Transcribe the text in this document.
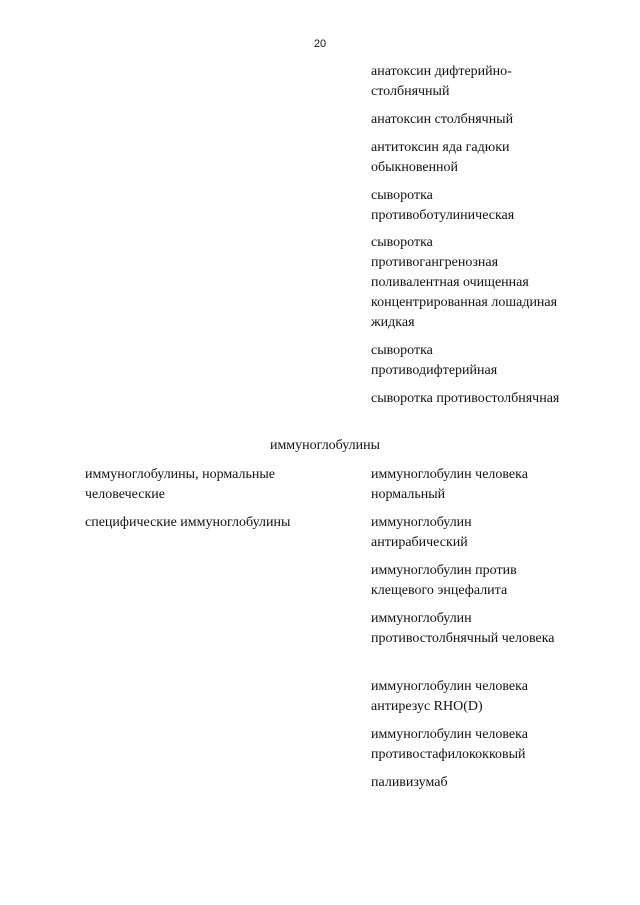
20
анатоксин дифтерийно-столбнячный
анатоксин столбнячный
антитоксин яда гадюки обыкновенной
сыворотка противоботулиническая
сыворотка противогангренозная поливалентная очищенная концентрированная лошадиная жидкая
сыворотка противодифтерийная
сыворотка противостолбнячная
иммуноглобулины
иммуноглобулины, нормальные человеческие
иммуноглобулин человека нормальный
специфические иммуноглобулины	иммуноглобулин антирабический
иммуноглобулин против клещевого энцефалита
иммуноглобулин противостолбнячный человека
иммуноглобулин человека антирезус RHO(D)
иммуноглобулин человека противостафилококковый
паливизумаб
